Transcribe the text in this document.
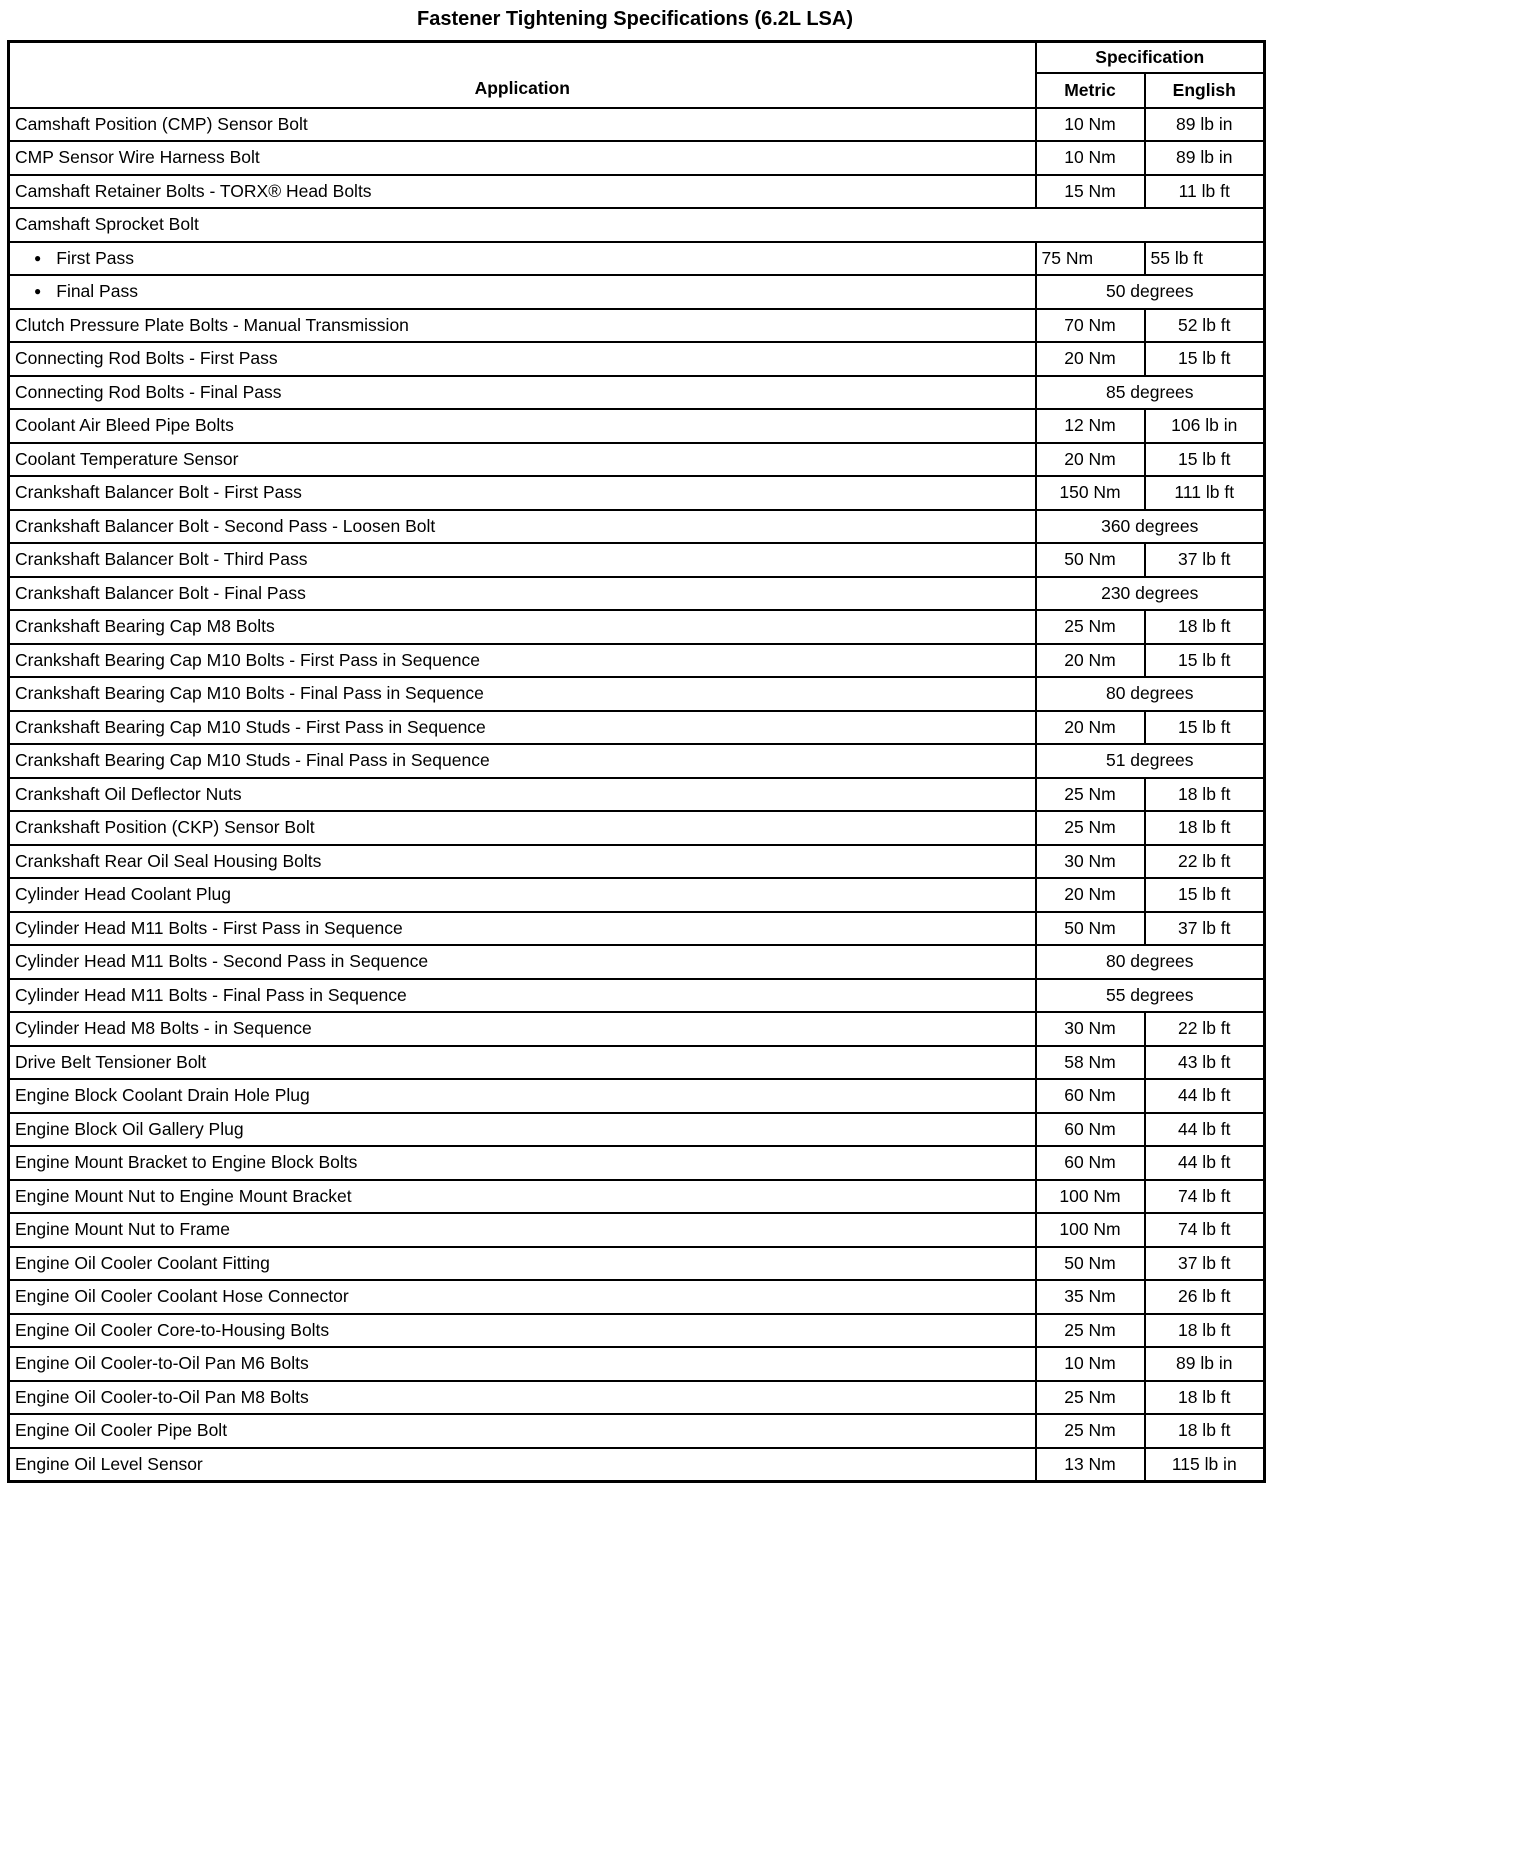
Fastener Tightening Specifications (6.2L LSA)
Application	Specification	
	Metric	English
Camshaft Position (CMP) Sensor Bolt	10 Nm	89 lb in
CMP Sensor Wire Harness Bolt	10 Nm	89 lb in
Camshaft Retainer Bolts - TORX® Head Bolts	15 Nm	11 lb ft
Camshaft Sprocket Bolt		
● First Pass	75 Nm	55 lb ft
● Final Pass	50 degrees	
Clutch Pressure Plate Bolts - Manual Transmission	70 Nm	52 lb ft
Connecting Rod Bolts - First Pass	20 Nm	15 lb ft
Connecting Rod Bolts - Final Pass	85 degrees	
Coolant Air Bleed Pipe Bolts	12 Nm	106 lb in
Coolant Temperature Sensor	20 Nm	15 lb ft
Crankshaft Balancer Bolt - First Pass	150 Nm	111 lb ft
Crankshaft Balancer Bolt - Second Pass - Loosen Bolt	360 degrees	
Crankshaft Balancer Bolt - Third Pass	50 Nm	37 lb ft
Crankshaft Balancer Bolt - Final Pass	230 degrees	
Crankshaft Bearing Cap M8 Bolts	25 Nm	18 lb ft
Crankshaft Bearing Cap M10 Bolts - First Pass in Sequence	20 Nm	15 lb ft
Crankshaft Bearing Cap M10 Bolts - Final Pass in Sequence	80 degrees	
Crankshaft Bearing Cap M10 Studs - First Pass in Sequence	20 Nm	15 lb ft
Crankshaft Bearing Cap M10 Studs - Final Pass in Sequence	51 degrees	
Crankshaft Oil Deflector Nuts	25 Nm	18 lb ft
Crankshaft Position (CKP) Sensor Bolt	25 Nm	18 lb ft
Crankshaft Rear Oil Seal Housing Bolts	30 Nm	22 lb ft
Cylinder Head Coolant Plug	20 Nm	15 lb ft
Cylinder Head M11 Bolts - First Pass in Sequence	50 Nm	37 lb ft
Cylinder Head M11 Bolts - Second Pass in Sequence	80 degrees	
Cylinder Head M11 Bolts - Final Pass in Sequence	55 degrees	
Cylinder Head M8 Bolts - in Sequence	30 Nm	22 lb ft
Drive Belt Tensioner Bolt	58 Nm	43 lb ft
Engine Block Coolant Drain Hole Plug	60 Nm	44 lb ft
Engine Block Oil Gallery Plug	60 Nm	44 lb ft
Engine Mount Bracket to Engine Block Bolts	60 Nm	44 lb ft
Engine Mount Nut to Engine Mount Bracket	100 Nm	74 lb ft
Engine Mount Nut to Frame	100 Nm	74 lb ft
Engine Oil Cooler Coolant Fitting	50 Nm	37 lb ft
Engine Oil Cooler Coolant Hose Connector	35 Nm	26 lb ft
Engine Oil Cooler Core-to-Housing Bolts	25 Nm	18 lb ft
Engine Oil Cooler-to-Oil Pan M6 Bolts	10 Nm	89 lb in
Engine Oil Cooler-to-Oil Pan M8 Bolts	25 Nm	18 lb ft
Engine Oil Cooler Pipe Bolt	25 Nm	18 lb ft
Engine Oil Level Sensor	13 Nm	115 lb in
